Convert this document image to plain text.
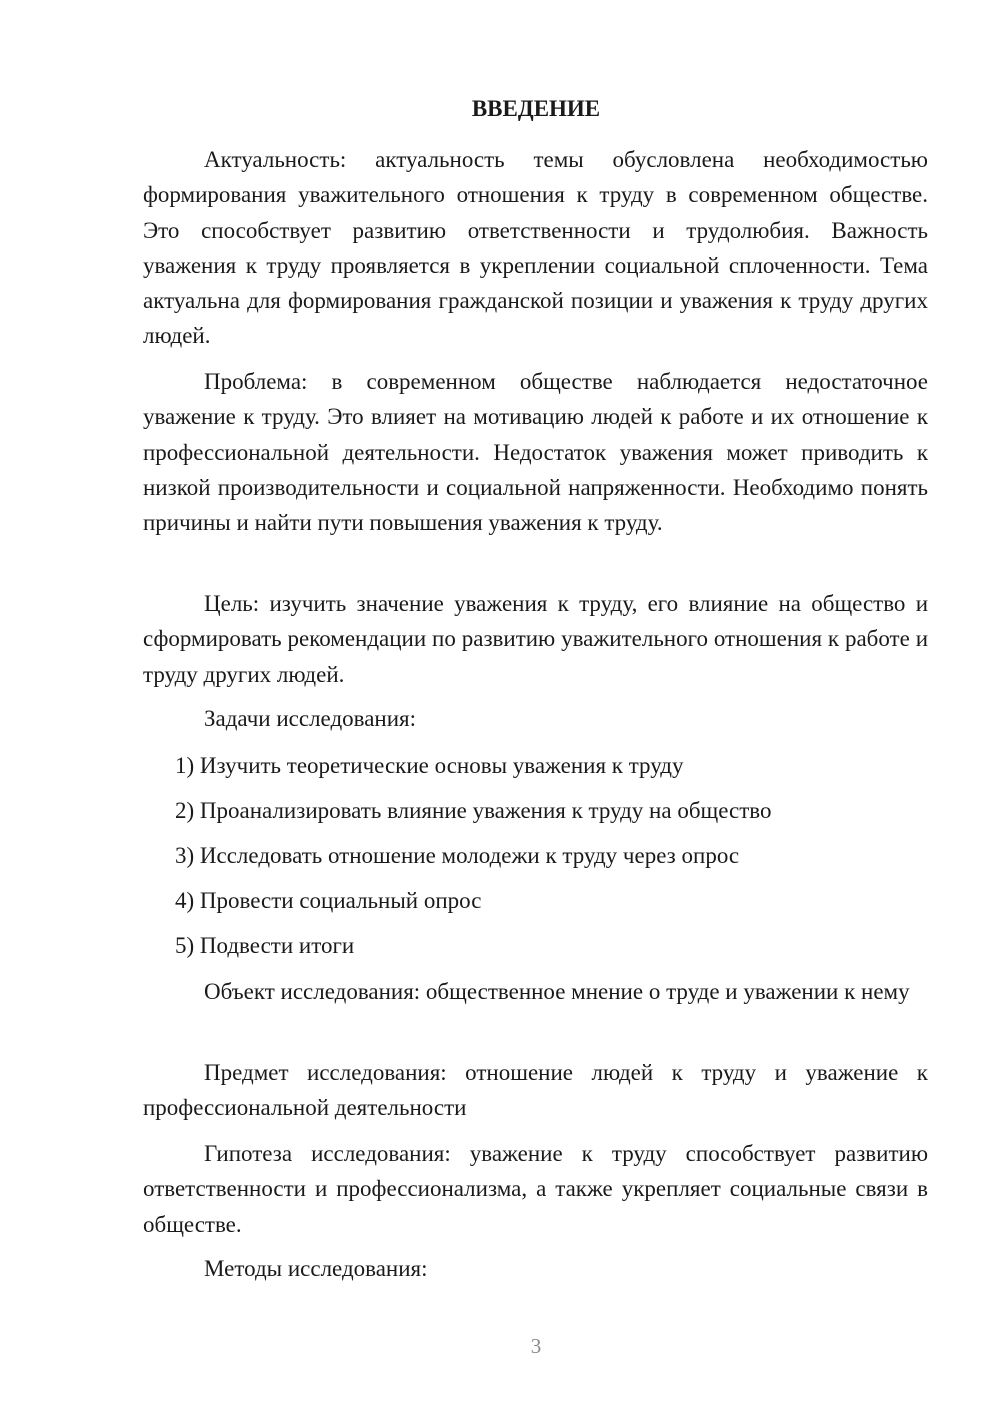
ВВЕДЕНИЕ

Актуальность: актуальность темы обусловлена необходимостью формирования уважительного отношения к труду в современном обществе. Это способствует развитию ответственности и трудолюбия. Важность уважения к труду проявляется в укреплении социальной сплоченности. Тема актуальна для формирования гражданской позиции и уважения к труду других людей.

Проблема: в современном обществе наблюдается недостаточное уважение к труду. Это влияет на мотивацию людей к работе и их отношение к профессиональной деятельности. Недостаток уважения может приводить к низкой производительности и социальной напряженности. Необходимо понять причины и найти пути повышения уважения к труду.

Цель: изучить значение уважения к труду, его влияние на общество и сформировать рекомендации по развитию уважительного отношения к работе и труду других людей.

Задачи исследования:

1) Изучить теоретические основы уважения к труду

2) Проанализировать влияние уважения к труду на общество

3) Исследовать отношение молодежи к труду через опрос

4) Провести социальный опрос

5) Подвести итоги

Объект исследования: общественное мнение о труде и уважении к нему

Предмет исследования: отношение людей к труду и уважение к профессиональной деятельности

Гипотеза исследования: уважение к труду способствует развитию ответственности и профессионализма, а также укрепляет социальные связи в обществе.

Методы исследования:

3
